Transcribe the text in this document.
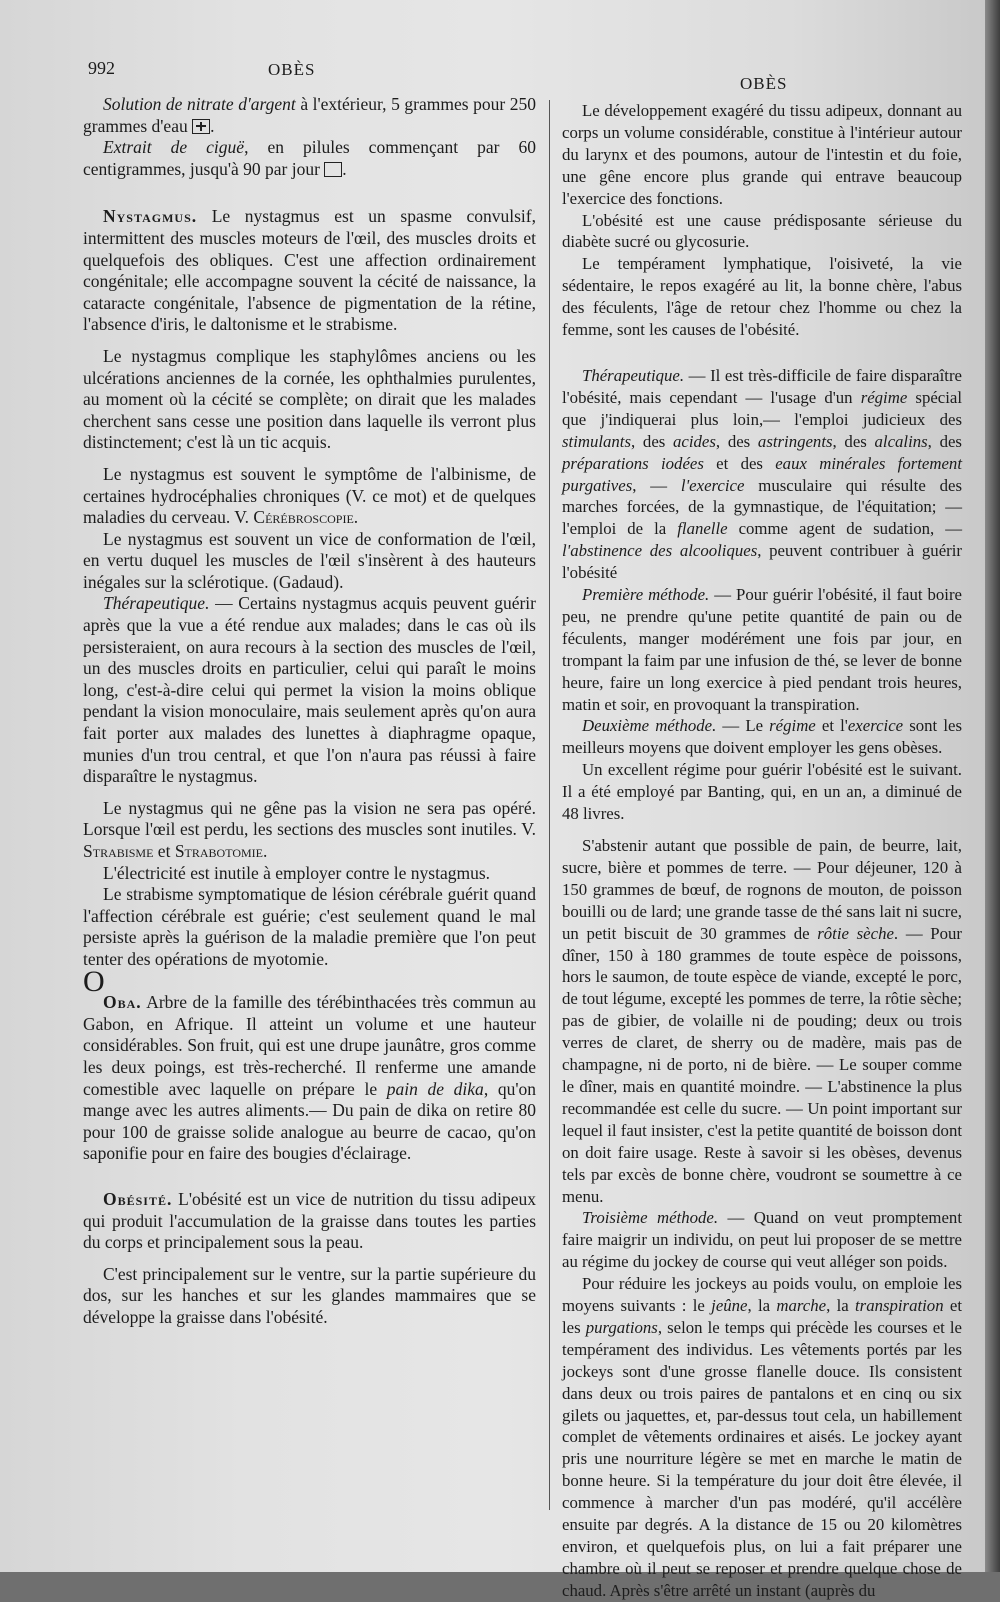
992	OBÈS
OBÈS

Solution de nitrate d'argent à l'extérieur, 5 grammes pour 250 grammes d'eau .

Extrait de ciguë, en pilules commençant par 60 centigrammes, jusqu'à 90 par jour .

Nystagmus. Le nystagmus est un spasme convulsif, intermittent des muscles moteurs de l'œil, des muscles droits et quelquefois des obliques. C'est une affection ordinairement congénitale; elle accompagne souvent la cécité de naissance, la cataracte congénitale, l'absence de pigmentation de la rétine, l'absence d'iris, le daltonisme et le strabisme.

Le nystagmus complique les staphylômes anciens ou les ulcérations anciennes de la cornée, les ophthalmies purulentes, au moment où la cécité se complète; on dirait que les malades cherchent sans cesse une position dans laquelle ils verront plus distinctement; c'est là un tic acquis.

Le nystagmus est souvent le symptôme de l'albinisme, de certaines hydrocéphalies chroniques (V. ce mot) et de quelques maladies du cerveau. V. Cérébroscopie.

Le nystagmus est souvent un vice de conformation de l'œil, en vertu duquel les muscles de l'œil s'insèrent à des hauteurs inégales sur la sclérotique. (Gadaud).

Thérapeutique. — Certains nystagmus acquis peuvent guérir après que la vue a été rendue aux malades; dans le cas où ils persisteraient, on aura recours à la section des muscles de l'œil, un des muscles droits en particulier, celui qui paraît le moins long, c'est-à-dire celui qui permet la vision la moins oblique pendant la vision monoculaire, mais seulement après qu'on aura fait porter aux malades des lunettes à diaphragme opaque, munies d'un trou central, et que l'on n'aura pas réussi à faire disparaître le nystagmus.

Le nystagmus qui ne gêne pas la vision ne sera pas opéré. Lorsque l'œil est perdu, les sections des muscles sont inutiles. V. Strabisme et Strabotomie.

L'électricité est inutile à employer contre le nystagmus.

Le strabisme symptomatique de lésion cérébrale guérit quand l'affection cérébrale est guérie; c'est seulement quand le mal persiste après la guérison de la maladie première que l'on peut tenter des opérations de myotomie.

O

Oba. Arbre de la famille des térébinthacées très commun au Gabon, en Afrique. Il atteint un volume et une hauteur considérables. Son fruit, qui est une drupe jaunâtre, gros comme les deux poings, est très-recherché. Il renferme une amande comestible avec laquelle on prépare le pain de dika, qu'on mange avec les autres aliments.— Du pain de dika on retire 80 pour 100 de graisse solide analogue au beurre de cacao, qu'on saponifie pour en faire des bougies d'éclairage.

Obésité. L'obésité est un vice de nutrition du tissu adipeux qui produit l'accumulation de la graisse dans toutes les parties du corps et principalement sous la peau.

C'est principalement sur le ventre, sur la partie supérieure du dos, sur les hanches et sur les glandes mammaires que se développe la graisse dans l'obésité.

Le développement exagéré du tissu adipeux, donnant au corps un volume considérable, constitue à l'intérieur autour du larynx et des poumons, autour de l'intestin et du foie, une gêne encore plus grande qui entrave beaucoup l'exercice des fonctions.

L'obésité est une cause prédisposante sérieuse du diabète sucré ou glycosurie.

Le tempérament lymphatique, l'oisiveté, la vie sédentaire, le repos exagéré au lit, la bonne chère, l'abus des féculents, l'âge de retour chez l'homme ou chez la femme, sont les causes de l'obésité.

Thérapeutique. — Il est très-difficile de faire disparaître l'obésité, mais cependant — l'usage d'un régime spécial que j'indiquerai plus loin,— l'emploi judicieux des stimulants, des acides, des astringents, des alcalins, des préparations iodées et des eaux minérales fortement purgatives, — l'exercice musculaire qui résulte des marches forcées, de la gymnastique, de l'équitation; — l'emploi de la flanelle comme agent de sudation, — l'abstinence des alcooliques, peuvent contribuer à guérir l'obésité

Première méthode. — Pour guérir l'obésité, il faut boire peu, ne prendre qu'une petite quantité de pain ou de féculents, manger modérément une fois par jour, en trompant la faim par une infusion de thé, se lever de bonne heure, faire un long exercice à pied pendant trois heures, matin et soir, en provoquant la transpiration.

Deuxième méthode. — Le régime et l'exercice sont les meilleurs moyens que doivent employer les gens obèses.

Un excellent régime pour guérir l'obésité est le suivant. Il a été employé par Banting, qui, en un an, a diminué de 48 livres.

S'abstenir autant que possible de pain, de beurre, lait, sucre, bière et pommes de terre. — Pour déjeuner, 120 à 150 grammes de bœuf, de rognons de mouton, de poisson bouilli ou de lard; une grande tasse de thé sans lait ni sucre, un petit biscuit de 30 grammes de rôtie sèche. — Pour dîner, 150 à 180 grammes de toute espèce de poissons, hors le saumon, de toute espèce de viande, excepté le porc, de tout légume, excepté les pommes de terre, la rôtie sèche; pas de gibier, de volaille ni de pouding; deux ou trois verres de claret, de sherry ou de madère, mais pas de champagne, ni de porto, ni de bière. — Le souper comme le dîner, mais en quantité moindre. — L'abstinence la plus recommandée est celle du sucre. — Un point important sur lequel il faut insister, c'est la petite quantité de boisson dont on doit faire usage. Reste à savoir si les obèses, devenus tels par excès de bonne chère, voudront se soumettre à ce menu.

Troisième méthode. — Quand on veut promptement faire maigrir un individu, on peut lui proposer de se mettre au régime du jockey de course qui veut alléger son poids.

Pour réduire les jockeys au poids voulu, on emploie les moyens suivants : le jeûne, la marche, la transpiration et les purgations, selon le temps qui précède les courses et le tempérament des individus. Les vêtements portés par les jockeys sont d'une grosse flanelle douce. Ils consistent dans deux ou trois paires de pantalons et en cinq ou six gilets ou jaquettes, et, par-dessus tout cela, un habillement complet de vêtements ordinaires et aisés. Le jockey ayant pris une nourriture légère se met en marche le matin de bonne heure. Si la température du jour doit être élevée, il commence à marcher d'un pas modéré, qu'il accélère ensuite par degrés. A la distance de 15 ou 20 kilomètres environ, et quelquefois plus, on lui a fait préparer une chambre où il peut se reposer et prendre quelque chose de chaud. Après s'être arrêté un instant (auprès du
